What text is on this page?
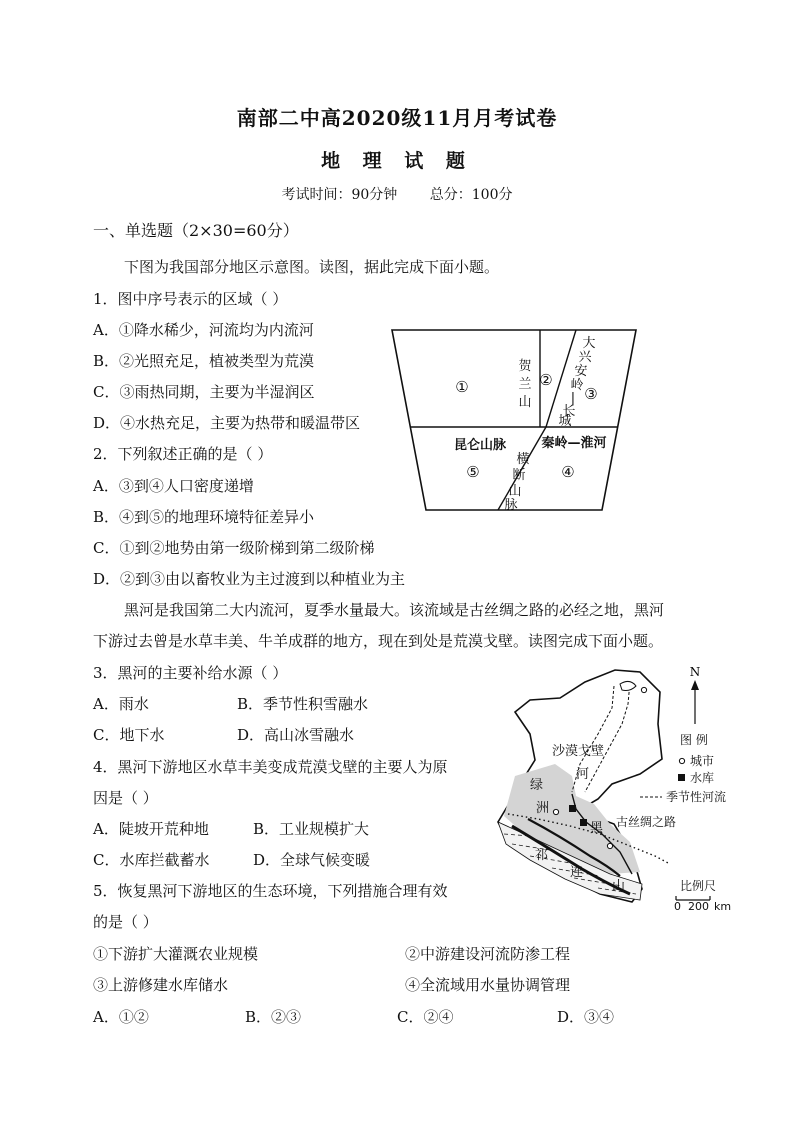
南部二中高2020级11月月考试卷
地 理 试 题
考试时间：90分钟 总分：100分
一、单选题（2×30=60分）
下图为我国部分地区示意图。读图，据此完成下面小题。
1．图中序号表示的区域（ ）
A．①降水稀少，河流均为内流河
B．②光照充足，植被类型为荒漠
C．③雨热同期，主要为半湿润区
D．④水热充足，主要为热带和暖温带区
2．下列叙述正确的是（ ）
A．③到④人口密度递增
B．④到⑤的地理环境特征差异小
C．①到②地势由第一级阶梯到第二级阶梯
D．②到③由以畜牧业为主过渡到以种植业为主
黑河是我国第二大内流河，夏季水量最大。该流域是古丝绸之路的必经之地，黑河
下游过去曾是水草丰美、牛羊成群的地方，现在到处是荒漠戈壁。读图完成下面小题。
3．黑河的主要补给水源（ ）
A．雨水	B．季节性积雪融水
C．地下水	D．高山冰雪融水
4．黑河下游地区水草丰美变成荒漠戈壁的主要人为原
因是（ ）
A．陡坡开荒种地	B．工业规模扩大
C．水库拦截蓄水	D．全球气候变暖
5．恢复黑河下游地区的生态环境，下列措施合理有效
的是（ ）
①下游扩大灌溉农业规模	②中游建设河流防渗工程
③上游修建水库储水	④全流域用水量协调管理
A．①②	B．②③	C．②④	D．③④
①	②
③
④
⑤
贺
兰
山
大
兴
安
岭
|
长
城
昆仑山脉	秦岭—淮河
横
断
山
脉
N
沙漠戈壁
绿
洲
河
黑
祁
连
山
古丝绸之路
图 例
城市
水库
季节性河流
比例尺
0 200 km
